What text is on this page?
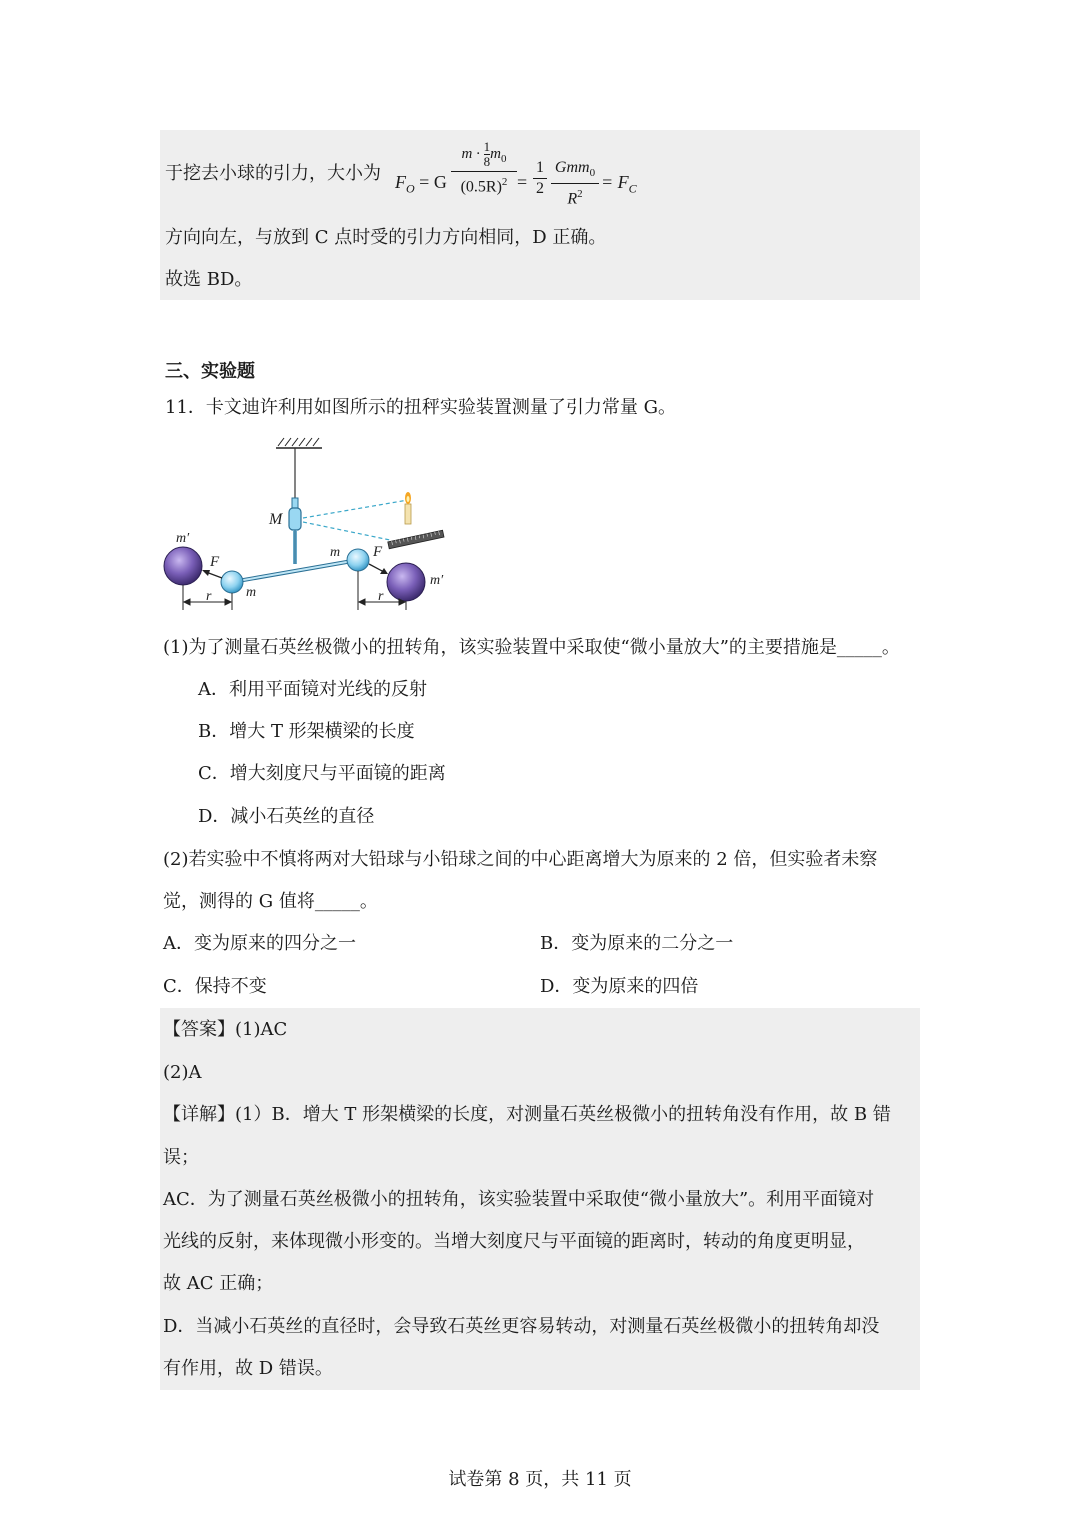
于挖去小球的引力，大小为 $F_O = G$
$m \cdot \frac{1}{8} m_0$
$(0.5R)^2$ =
1
2
Gmm$_0$
$R^2$
= $F_C$
方向向左，与放到 C 点时受的引力方向相同，D 正确。
故选 BD。
三、实验题
11．卡文迪许利用如图所示的扭秤实验装置测量了引力常量 G。
M
m′
m′
F
F
m
m
r	r
(1)为了测量石英丝极微小的扭转角，该实验装置中采取使“微小量放大”的主要措施是_____。
A．利用平面镜对光线的反射
B．增大 T 形架横梁的长度
C．增大刻度尺与平面镜的距离
D．减小石英丝的直径
(2)若实验中不慎将两对大铅球与小铅球之间的中心距离增大为原来的 2 倍，但实验者未察
觉，测得的 G 值将_____。
A．变为原来的四分之一	B．变为原来的二分之一
C．保持不变	D．变为原来的四倍
【答案】(1)AC
(2)A
【详解】(1）B．增大 T 形架横梁的长度，对测量石英丝极微小的扭转角没有作用，故 B 错
误；
AC．为了测量石英丝极微小的扭转角，该实验装置中采取使“微小量放大”。利用平面镜对
光线的反射，来体现微小形变的。当增大刻度尺与平面镜的距离时，转动的角度更明显，
故 AC 正确；
D．当减小石英丝的直径时，会导致石英丝更容易转动，对测量石英丝极微小的扭转角却没
有作用，故 D 错误。
试卷第 8 页，共 11 页
